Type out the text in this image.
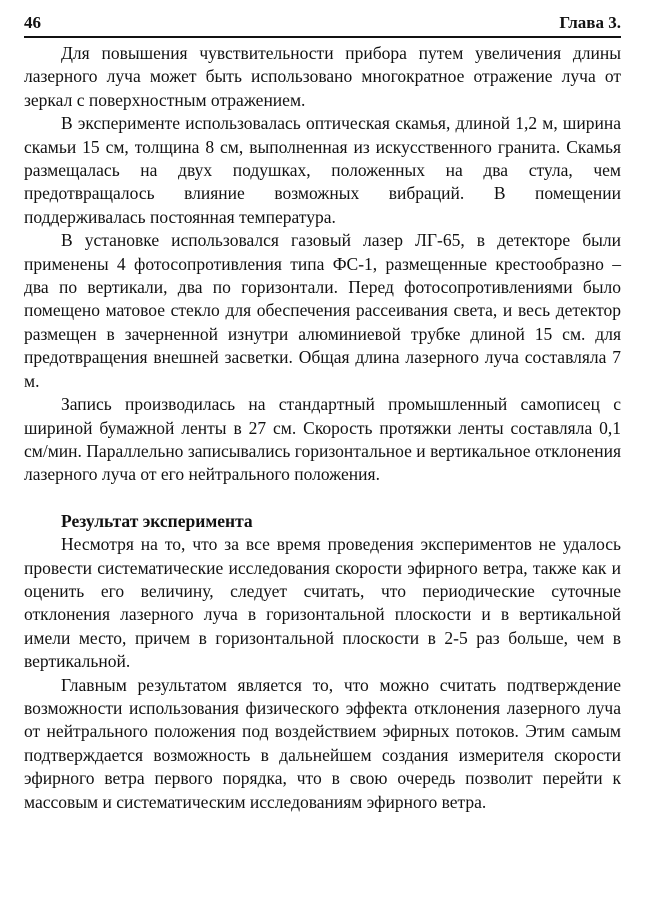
46	Глава 3.

Для повышения чувствительности прибора путем увеличения длины лазерного луча может быть использовано многократное отражение луча от зеркал с поверхностным отражением.

В эксперименте использовалась оптическая скамья, длиной 1,2 м, ширина скамьи 15 см, толщина 8 см, выполненная из искусственного гранита. Скамья размещалась на двух подушках, положенных на два стула, чем предотвращалось влияние возможных вибраций. В помещении поддерживалась постоянная температура.

В установке использовался газовый лазер ЛГ-65, в детекторе были применены 4 фотосопротивления типа ФС-1, размещенные крестообразно – два по вертикали, два по горизонтали. Перед фотосопротивлениями было помещено матовое стекло для обеспечения рассеивания света, и весь детектор размещен в зачерненной изнутри алюминиевой трубке длиной 15 см. для предотвращения внешней засветки. Общая длина лазерного луча составляла 7 м.

Запись производилась на стандартный промышленный самописец с шириной бумажной ленты в 27 см. Скорость протяжки ленты составляла 0,1 см/мин. Параллельно записывались горизонтальное и вертикальное отклонения лазерного луча от его нейтрального положения.

Результат эксперимента

Несмотря на то, что за все время проведения экспериментов не удалось провести систематические исследования скорости эфирного ветра, также как и оценить его величину, следует считать, что периодические суточные отклонения лазерного луча в горизонтальной плоскости и в вертикальной имели место, причем в горизонтальной плоскости в 2-5 раз больше, чем в вертикальной.

Главным результатом является то, что можно считать подтверждение возможности использования физического эффекта отклонения лазерного луча от нейтрального положения под воздействием эфирных потоков. Этим самым подтверждается возможность в дальнейшем создания измерителя скорости эфирного ветра первого порядка, что в свою очередь позволит перейти к массовым и систематическим исследованиям эфирного ветра.
